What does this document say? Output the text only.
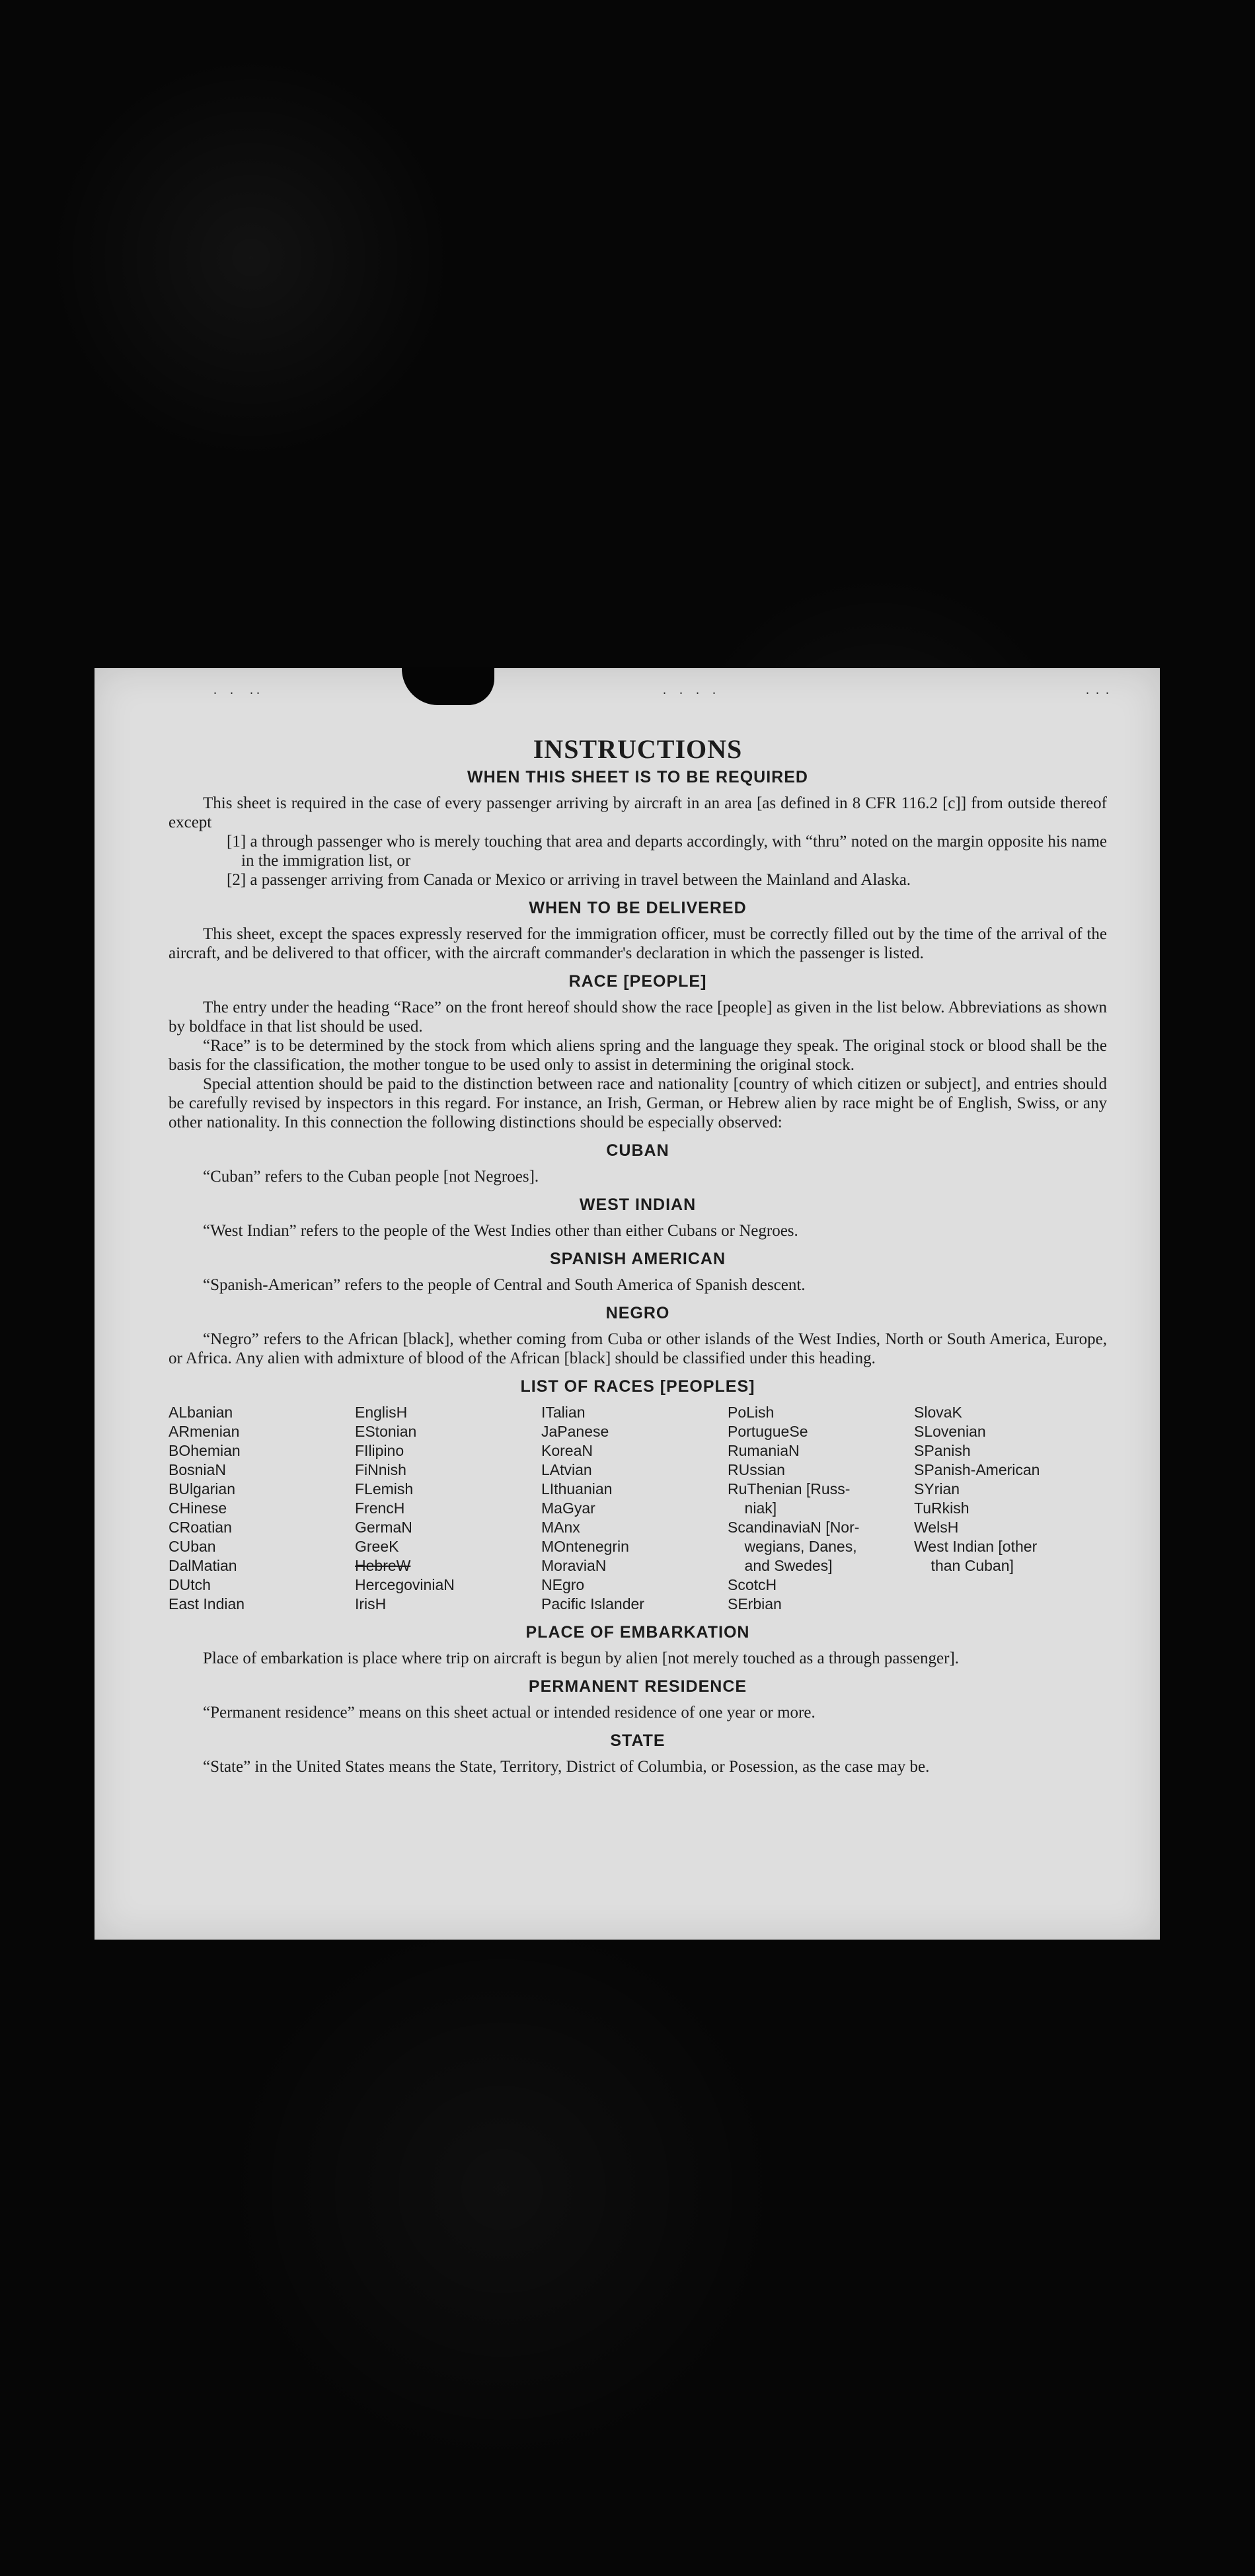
.    .     . .	.    .    .    .	.  .  .
INSTRUCTIONS
WHEN THIS SHEET IS TO BE REQUIRED

This sheet is required in the case of every passenger arriving by aircraft in an area [as defined in 8 CFR 116.2 [c]] from outside thereof except

[1] a through passenger who is merely touching that area and departs accordingly, with “thru” noted on the margin opposite his name in the immigration list, or
[2] a passenger arriving from Canada or Mexico or arriving in travel between the Mainland and Alaska.
WHEN TO BE DELIVERED

This sheet, except the spaces expressly reserved for the immigration officer, must be correctly filled out by the time of the arrival of the aircraft, and be delivered to that officer, with the aircraft commander's declaration in which the passenger is listed.

RACE [PEOPLE]

The entry under the heading “Race” on the front hereof should show the race [people] as given in the list below. Abbreviations as shown by boldface in that list should be used.

“Race” is to be determined by the stock from which aliens spring and the language they speak. The original stock or blood shall be the basis for the classification, the mother tongue to be used only to assist in determining the original stock.

Special attention should be paid to the distinction between race and nationality [country of which citizen or subject], and entries should be carefully revised by inspectors in this regard. For instance, an Irish, German, or Hebrew alien by race might be of English, Swiss, or any other nationality. In this connection the following distinctions should be especially observed:

CUBAN

“Cuban” refers to the Cuban people [not Negroes].

WEST INDIAN

“West Indian” refers to the people of the West Indies other than either Cubans or Negroes.

SPANISH AMERICAN

“Spanish-American” refers to the people of Central and South America of Spanish descent.

NEGRO

“Negro” refers to the African [black], whether coming from Cuba or other islands of the West Indies, North or South America, Europe, or Africa. Any alien with admixture of blood of the African [black] should be classified under this heading.

LIST OF RACES [PEOPLES]
ALbanian
ARmenian
BOhemian
BosniaN
BUlgarian
CHinese
CRoatian
CUban
DalMatian
DUtch
East Indian
EnglisH
EStonian
FIlipino
FiNnish
FLemish
FrencH
GermaN
GreeK
HebreW
HercegoviniaN
IrisH
ITalian
JaPanese
KoreaN
LAtvian
LIthuanian
MaGyar
MAnx
MOntenegrin
MoraviaN
NEgro
Pacific Islander
PoLish
PortugueSe
RumaniaN
RUssian
RuThenian [Russ-
niak]
ScandinaviaN [Nor-
wegians, Danes,
and Swedes]
ScotcH
SErbian
SlovaK
SLovenian
SPanish
SPanish-American
SYrian
TuRkish
WelsH
West Indian [other
than Cuban]
PLACE OF EMBARKATION

Place of embarkation is place where trip on aircraft is begun by alien [not merely touched as a through passenger].

PERMANENT RESIDENCE

“Permanent residence” means on this sheet actual or intended residence of one year or more.

STATE

“State” in the United States means the State, Territory, District of Columbia, or Posession, as the case may be.
